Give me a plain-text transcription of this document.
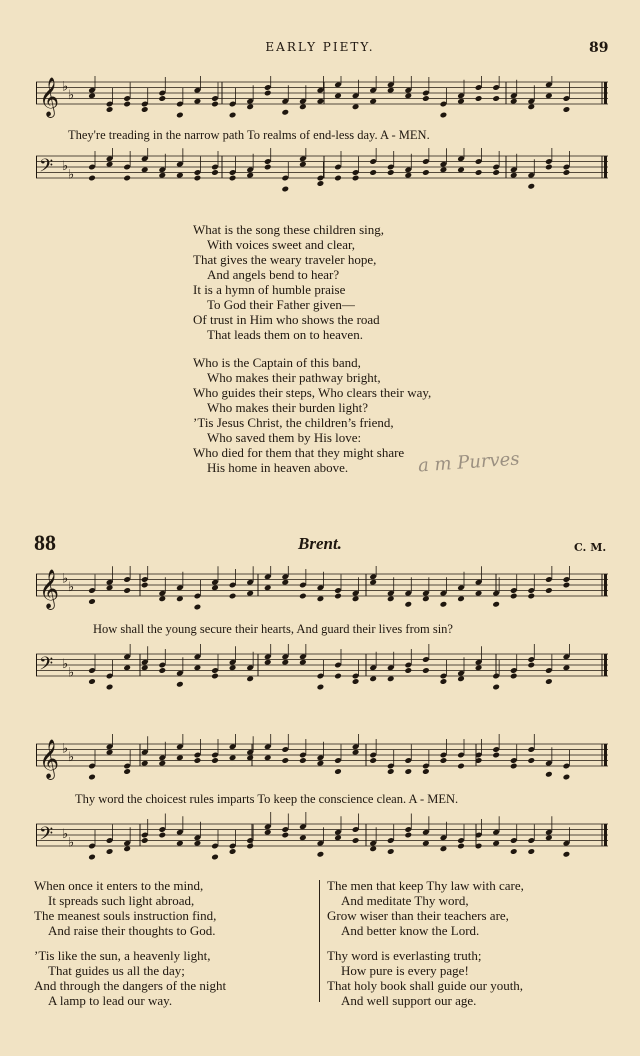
EARLY PIETY.	89
𝄞 ♭
♭
They're treading in the narrow path To realms of end-less day. A - MEN.
𝄢 ♭
♭
What is the song these children sing,
With voices sweet and clear,
That gives the weary traveler hope,
And angels bend to hear?
It is a hymn of humble praise
To God their Father given—
Of trust in Him who shows the road
That leads them on to heaven.
Who is the Captain of this band,
Who makes their pathway bright,
Who guides their steps, Who clears their way,
Who makes their burden light?
’Tis Jesus Christ, the children’s friend,
Who saved them by His love:
Who died for them that they might share
His home in heaven above.	a m Purves
88	Brent.	C. M.
𝄞 ♭
♭
How shall the young secure their hearts, And guard their lives from sin?
𝄢 ♭
♭
𝄞 ♭
♭
Thy word the choicest rules imparts To keep the conscience clean. A - MEN.
𝄢 ♭
♭
When once it enters to the mind,
It spreads such light abroad,
The meanest souls instruction find,
And raise their thoughts to God.
’Tis like the sun, a heavenly light,
That guides us all the day;
And through the dangers of the night
A lamp to lead our way.
The men that keep Thy law with care,
And meditate Thy word,
Grow wiser than their teachers are,
And better know the Lord.
Thy word is everlasting truth;
How pure is every page!
That holy book shall guide our youth,
And well support our age.
